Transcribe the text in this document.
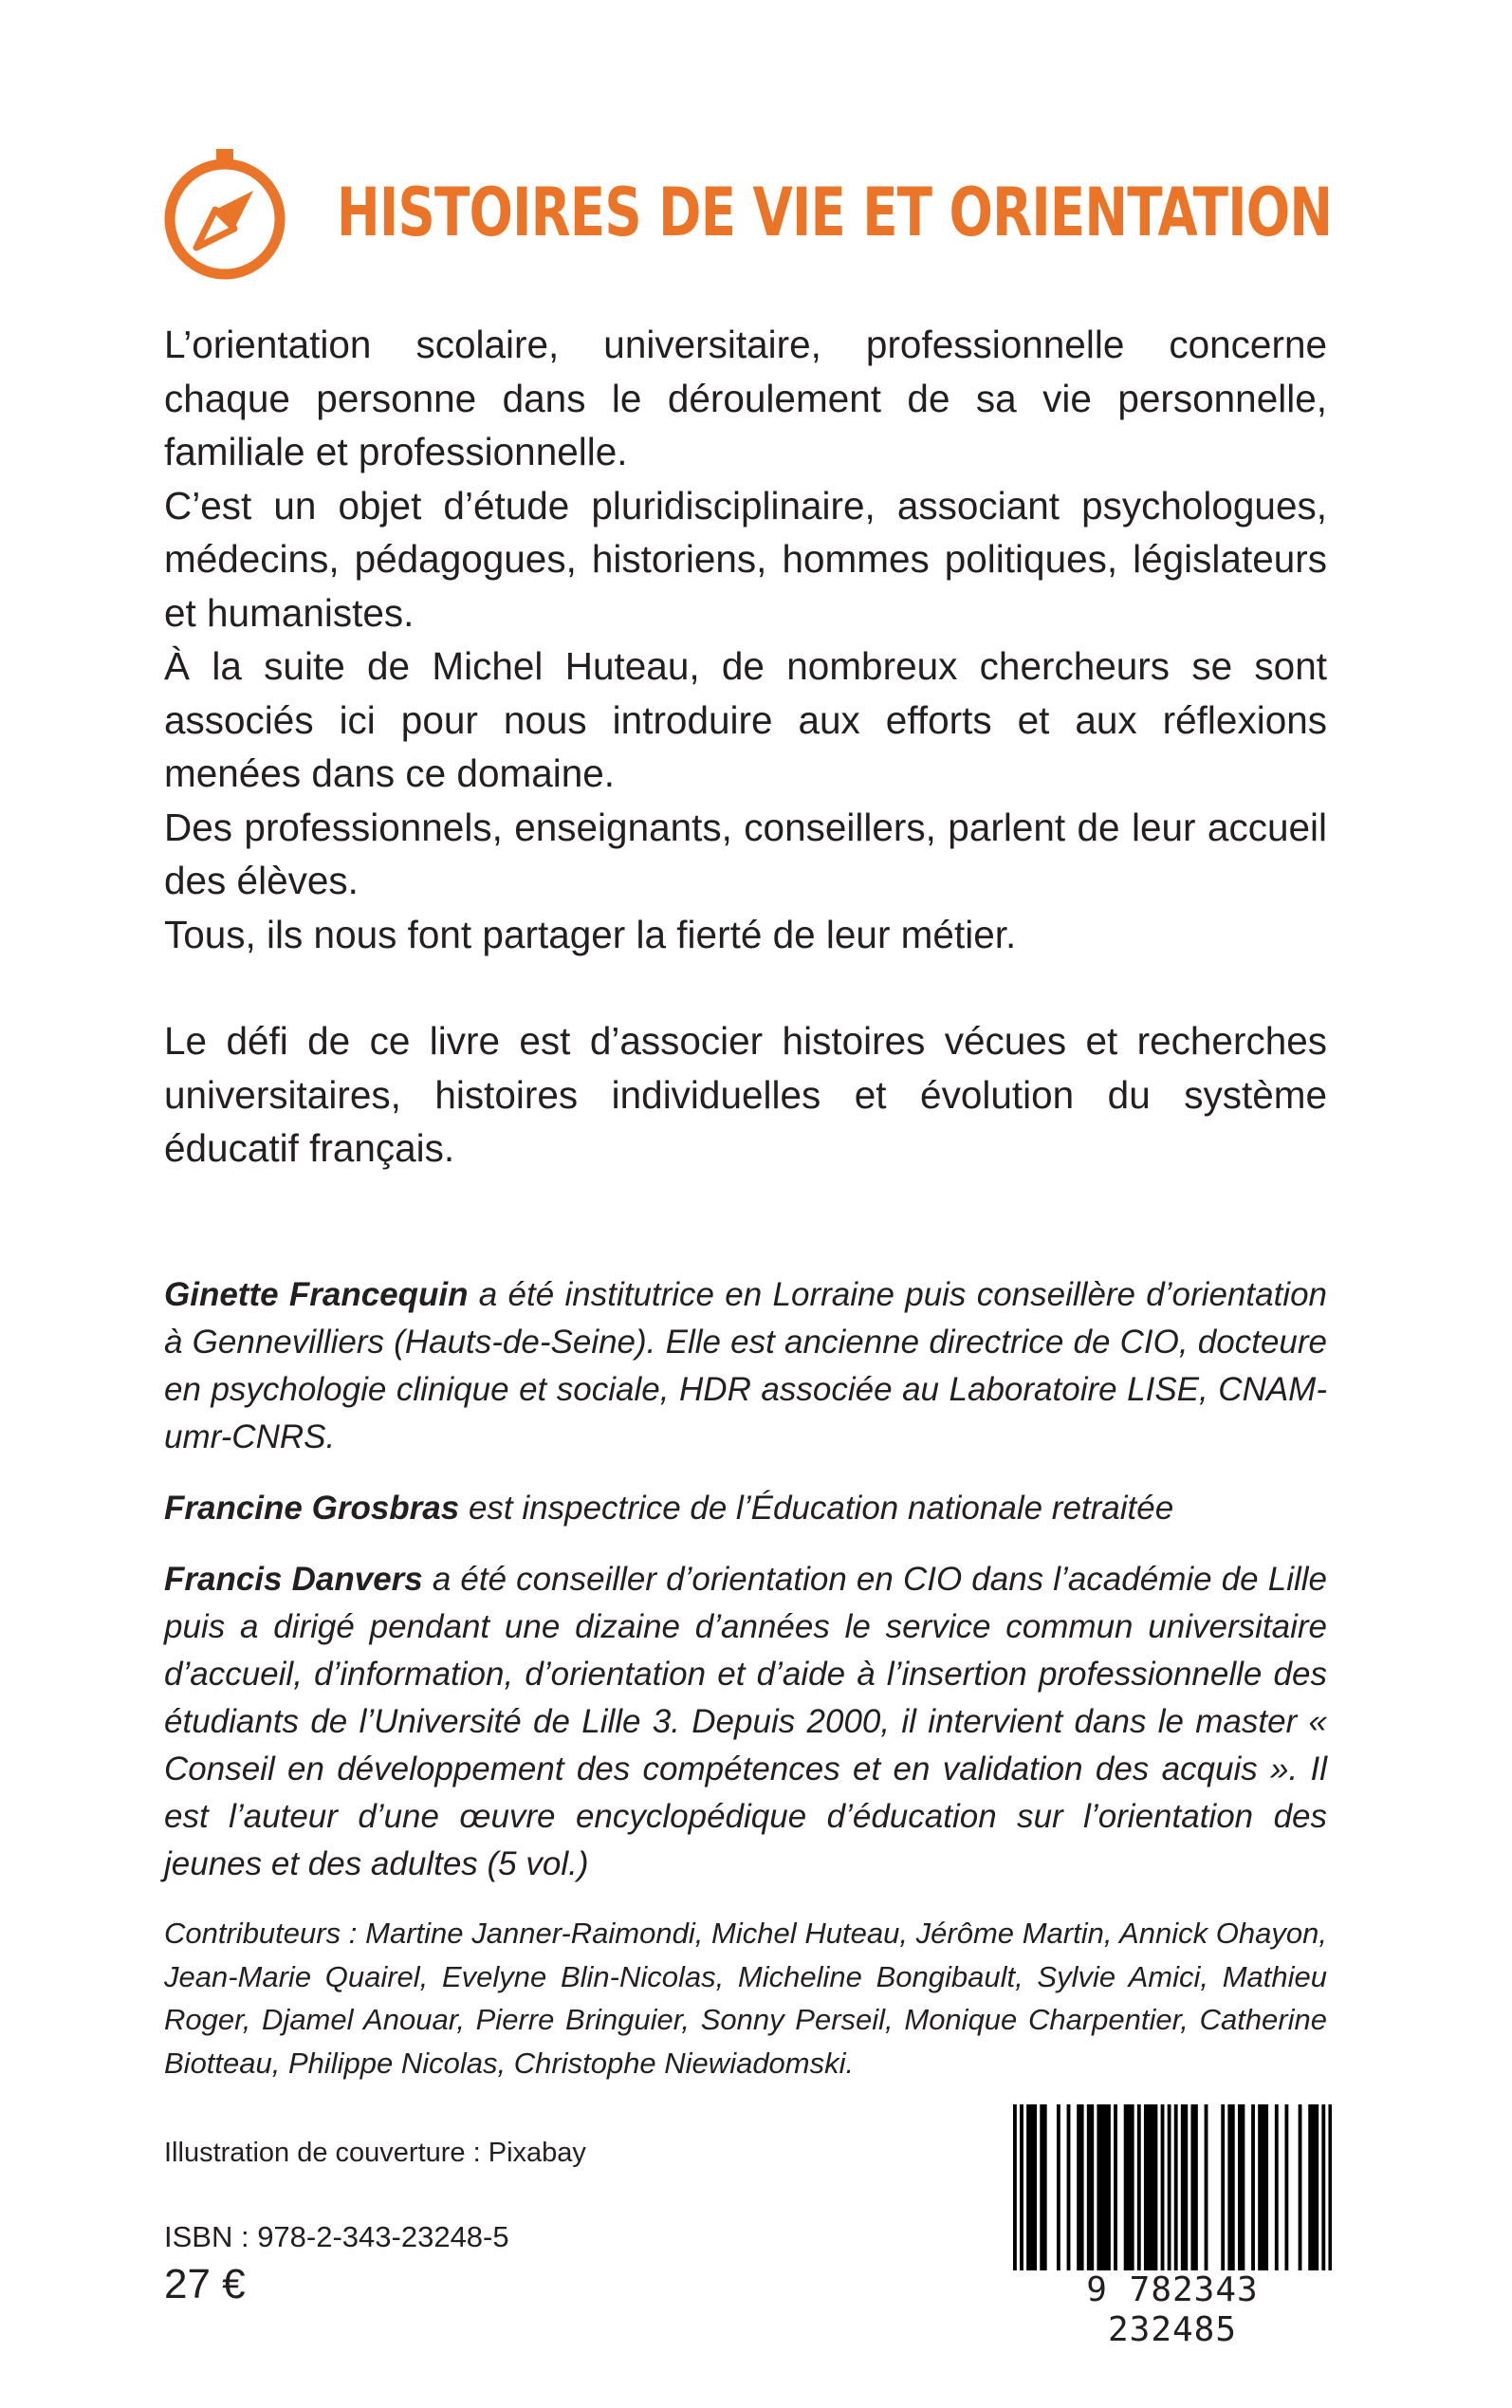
HISTOIRES DE VIE ET ORIENTATION

L’orientation scolaire, universitaire, professionnelle concerne chaque personne dans le déroulement de sa vie personnelle, familiale et professionnelle.

C’est un objet d’étude pluridisciplinaire, associant psychologues, médecins, pédagogues, historiens, hommes politiques, législateurs et humanistes.

À la suite de Michel Huteau, de nombreux chercheurs se sont associés ici pour nous introduire aux efforts et aux réflexions menées dans ce domaine.

Des professionnels, enseignants, conseillers, parlent de leur accueil des élèves.

Tous, ils nous font partager la fierté de leur métier.

Le défi de ce livre est d’associer histoires vécues et recherches universitaires, histoires individuelles et évolution du système éducatif français.

Ginette Francequin a été institutrice en Lorraine puis conseillère d’orientation à Gennevilliers (Hauts-de-Seine). Elle est ancienne directrice de CIO, docteure en psychologie clinique et sociale, HDR associée au Laboratoire LISE, CNAM-umr-CNRS.

Francine Grosbras est inspectrice de l’Éducation nationale retraitée

Francis Danvers a été conseiller d’orientation en CIO dans l’académie de Lille puis a dirigé pendant une dizaine d’années le service commun universitaire d’accueil, d’information, d’orientation et d’aide à l’insertion professionnelle des étudiants de l’Université de Lille 3. Depuis 2000, il intervient dans le master « Conseil en développement des compétences et en validation des acquis ». Il est l’auteur d’une œuvre encyclopédique d’éducation sur l’orientation des jeunes et des adultes (5 vol.)

Contributeurs : Martine Janner-Raimondi, Michel Huteau, Jérôme Martin, Annick Ohayon, Jean-Marie Quairel, Evelyne Blin-Nicolas, Micheline Bongibault, Sylvie Amici, Mathieu Roger, Djamel Anouar, Pierre Bringuier, Sonny Perseil, Monique Charpentier, Catherine Biotteau, Philippe Nicolas, Christophe Niewiadomski.

Illustration de couverture : Pixabay
ISBN : 978-2-343-23248-5
27 €	9 782343 232485
